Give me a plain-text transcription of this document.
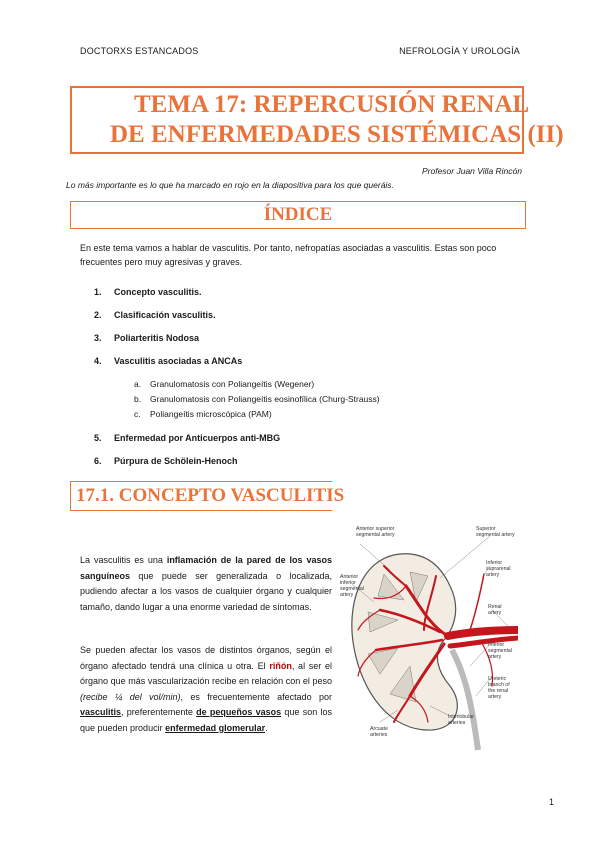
DOCTORXS ESTANCADOS	NEFROLOGÍA Y UROLOGÍA
TEMA 17: REPERCUSIÓN RENAL
DE ENFERMEDADES SISTÉMICAS (II)
Profesor Juan Villa Rincón
Lo más importante es lo que ha marcado en rojo en la diapositiva para los que queráis.
ÍNDICE
En este tema vamos a hablar de vasculitis. Por tanto, nefropatías asociadas a vasculitis. Estas son poco frecuentes pero muy agresivas y graves.
1. Concepto vasculitis.
2. Clasificación vasculitis.
3. Poliarteritis Nodosa
4. Vasculitis asociadas a ANCAs
a. Granulomatosis con Poliangeítis (Wegener)
b. Granulomatosis con Poliangeítis eosinofílica (Churg-Strauss)
c. Poliangeítis microscópica (PAM)
5. Enfermedad por Anticuerpos anti-MBG
6. Púrpura de Schölein-Henoch
17.1. CONCEPTO VASCULITIS
La vasculitis es una inflamación de la pared de los vasos sanguíneos que puede ser generalizada o localizada, pudiendo afectar a los vasos de cualquier órgano y cualquier tamaño, dando lugar a una enorme variedad de síntomas.
Se pueden afectar los vasos de distintos órganos, según el órgano afectado tendrá una clínica u otra. El riñón, al ser el órgano que más vascularización recibe en relación con el peso (recibe ¼ del vol/min), es frecuentemente afectado por vasculitis, preferentemente de pequeños vasos que son los que pueden producir enfermedad glomerular.
Anterior superior segmental artery
Superior segmental artery
Inferior suprarenal artery
Anterior inferior segmental artery
Renal artery
Inferior segmental artery
Ureteric branch of the renal artery
Interlobular arteries
Arcuate arteries
1
